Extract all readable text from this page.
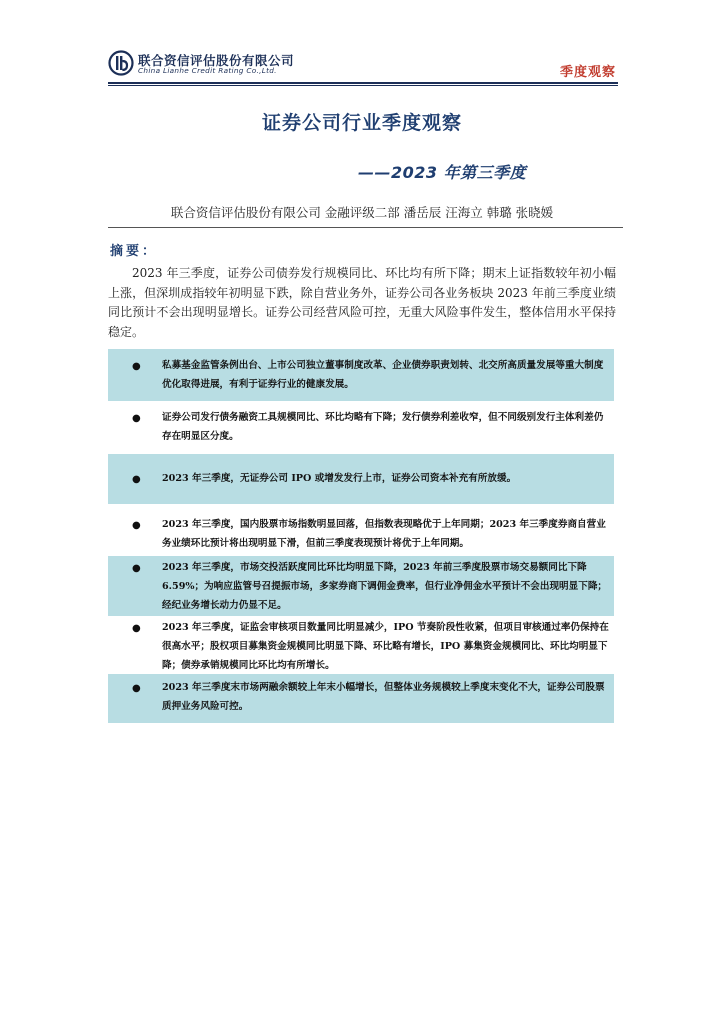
联合资信评估股份有限公司
China Lianhe Credit Rating Co.,Ltd.	季度观察
证券公司行业季度观察
——2023 年第三季度
联合资信评估股份有限公司 金融评级二部 潘岳辰 汪海立 韩璐 张晓媛
摘要：

2023 年三季度，证券公司债券发行规模同比、环比均有所下降；期末上证指数较年初小幅上涨，但深圳成指较年初明显下跌，除自营业务外，证券公司各业务板块 2023 年前三季度业绩同比预计不会出现明显增长。证券公司经营风险可控，无重大风险事件发生，整体信用水平保持稳定。

● 私募基金监管条例出台、上市公司独立董事制度改革、企业债券职责划转、北交所高质量发展等重大制度优化取得进展，有利于证券行业的健康发展。

● 证券公司发行债务融资工具规模同比、环比均略有下降；发行债券利差收窄，但不同级别发行主体利差仍存在明显区分度。

● 2023 年三季度，无证券公司 IPO 或增发发行上市，证券公司资本补充有所放缓。

● 2023 年三季度，国内股票市场指数明显回落，但指数表现略优于上年同期；2023 年三季度券商自营业务业绩环比预计将出现明显下滑，但前三季度表现预计将优于上年同期。

● 2023 年三季度，市场交投活跃度同比环比均明显下降，2023 年前三季度股票市场交易额同比下降 6.59%；为响应监管号召提振市场，多家券商下调佣金费率，但行业净佣金水平预计不会出现明显下降；经纪业务增长动力仍显不足。

● 2023 年三季度，证监会审核项目数量同比明显减少，IPO 节奏阶段性收紧，但项目审核通过率仍保持在很高水平；股权项目募集资金规模同比明显下降、环比略有增长，IPO 募集资金规模同比、环比均明显下降；债券承销规模同比环比均有所增长。

● 2023 年三季度末市场两融余额较上年末小幅增长，但整体业务规模较上季度末变化不大，证券公司股票质押业务风险可控。
